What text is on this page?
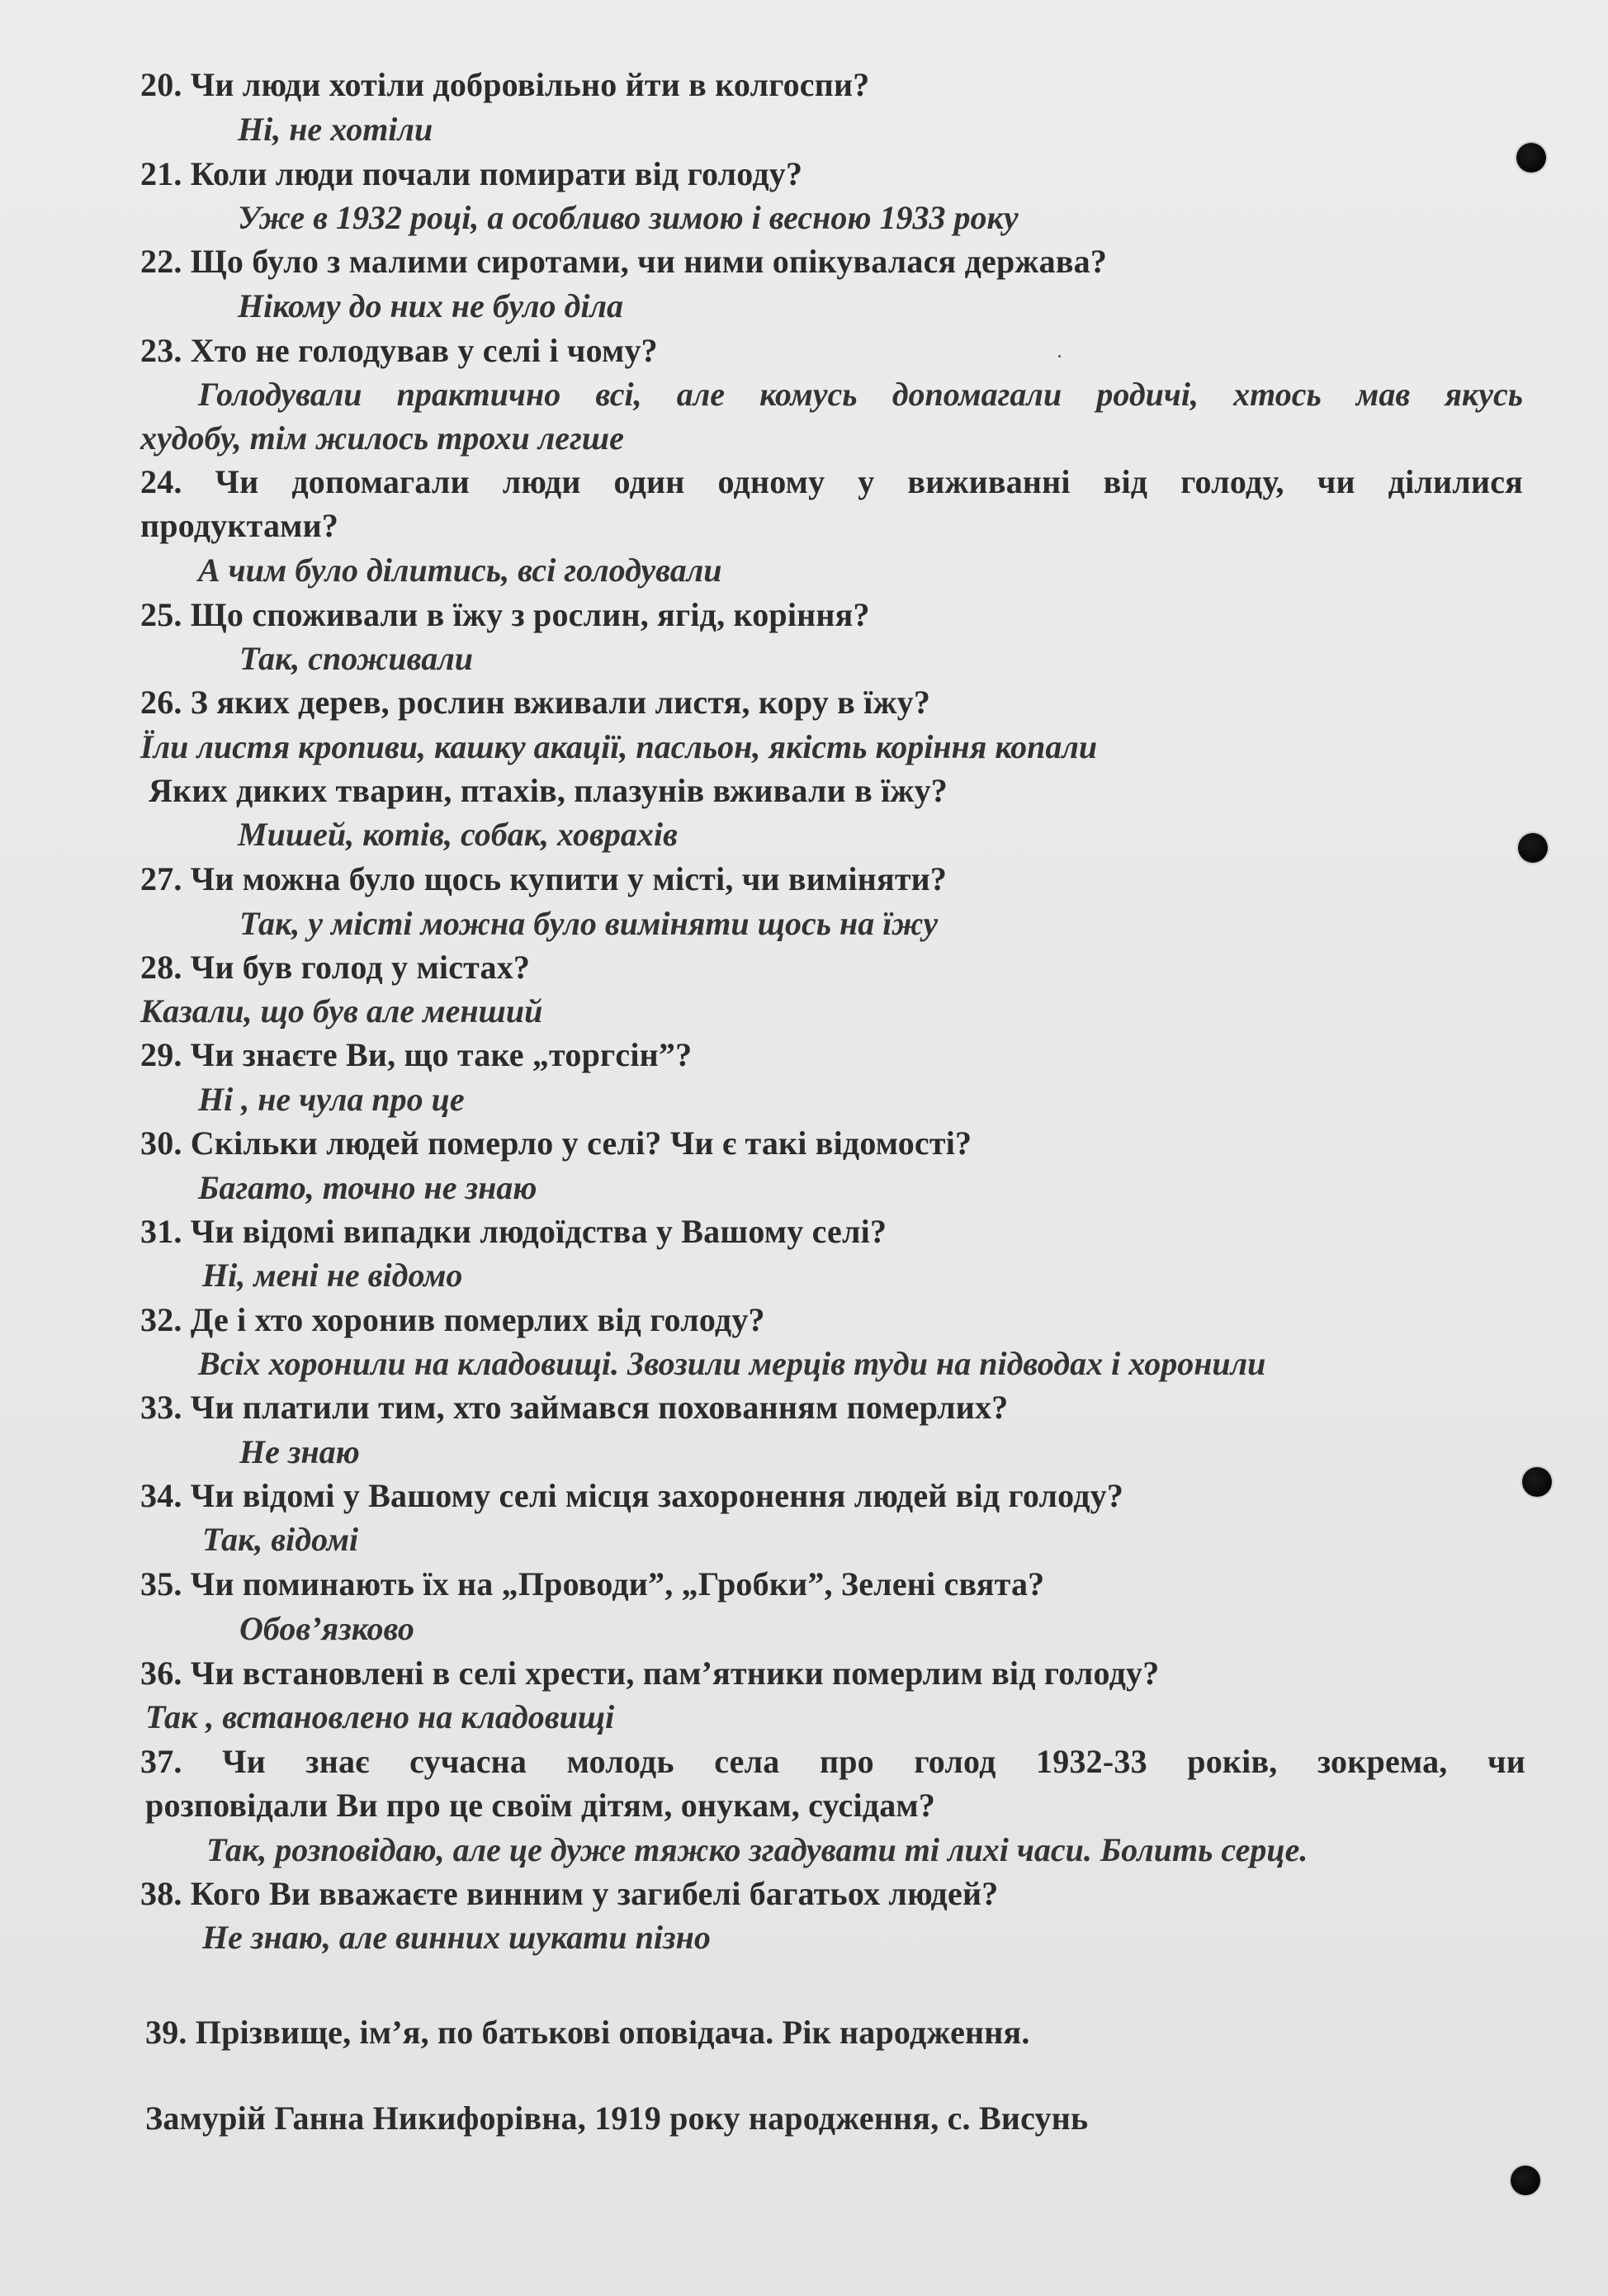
20. Чи люди хотіли добровільно йти в колгоспи?
Ні, не хотіли
21. Коли люди почали помирати від голоду?
Уже в 1932 році, а особливо зимою і весною 1933 року
22. Що було з малими сиротами, чи ними опікувалася держава?
Нікому до них не було діла
23. Хто не голодував у селі і чому?
Голодували практично всі, але комусь допомагали родичі, хтось мав якусь
худобу, тім жилось трохи легше
24. Чи допомагали люди один одному у виживанні від голоду, чи ділилися
продуктами?
А чим було ділитись, всі голодували
25. Що споживали в їжу з рослин, ягід, коріння?
Так, споживали
26. З яких дерев, рослин вживали листя, кору в їжу?
Їли листя кропиви, кашку акації, пасльон, якість коріння копали
Яких диких тварин, птахів, плазунів вживали в їжу?
Мишей, котів, собак, ховрахів
27. Чи можна було щось купити у місті, чи виміняти?
Так, у місті можна було виміняти щось на їжу
28. Чи був голод у містах?
Казали, що був але менший
29. Чи знаєте Ви, що таке „торгсін”?
Ні , не чула про це
30. Скільки людей померло у селі? Чи є такі відомості?
Багато, точно не знаю
31. Чи відомі випадки людоїдства у Вашому селі?
Ні, мені не відомо
32. Де і хто хоронив померлих від голоду?
Всіх хоронили на кладовищі. Звозили мерців туди на підводах і хоронили
33. Чи платили тим, хто займався похованням померлих?
Не знаю
34. Чи відомі у Вашому селі місця захоронення людей від голоду?
Так, відомі
35. Чи поминають їх на „Проводи”, „Гробки”, Зелені свята?
Обов’язково
36. Чи встановлені в селі хрести, пам’ятники померлим від голоду?
Так , встановлено на кладовищі
37. Чи знає сучасна молодь села про голод 1932-33 років, зокрема, чи
розповідали Ви про це своїм дітям, онукам, сусідам?
Так, розповідаю, але це дуже тяжко згадувати ті лихі часи. Болить серце.
38. Кого Ви вважаєте винним у загибелі багатьох людей?
Не знаю, але винних шукати пізно
39. Прізвище, ім’я, по батькові оповідача. Рік народження.
Замурій Ганна Никифорівна, 1919 року народження, с. Висунь
